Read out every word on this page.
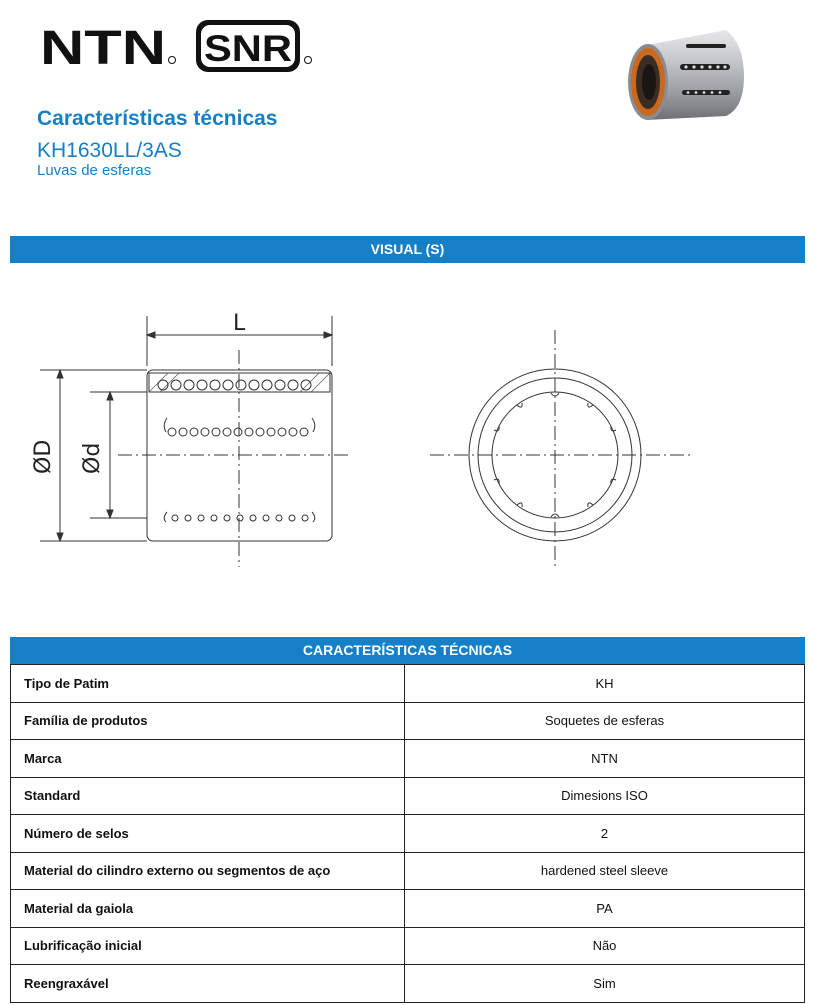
NTN SNR
Características técnicas
KH1630LL/3AS
Luvas de esferas
VISUAL (S)
L
ØD Ød
CARACTERÍSTICAS TÉCNICAS
Tipo de Patim	KH
Família de produtos	Soquetes de esferas
Marca	NTN
Standard	Dimesions ISO
Número de selos	2
Material do cilindro externo ou segmentos de aço	hardened steel sleeve
Material da gaiola	PA
Lubrificação inicial	Não
Reengraxável	Sim
